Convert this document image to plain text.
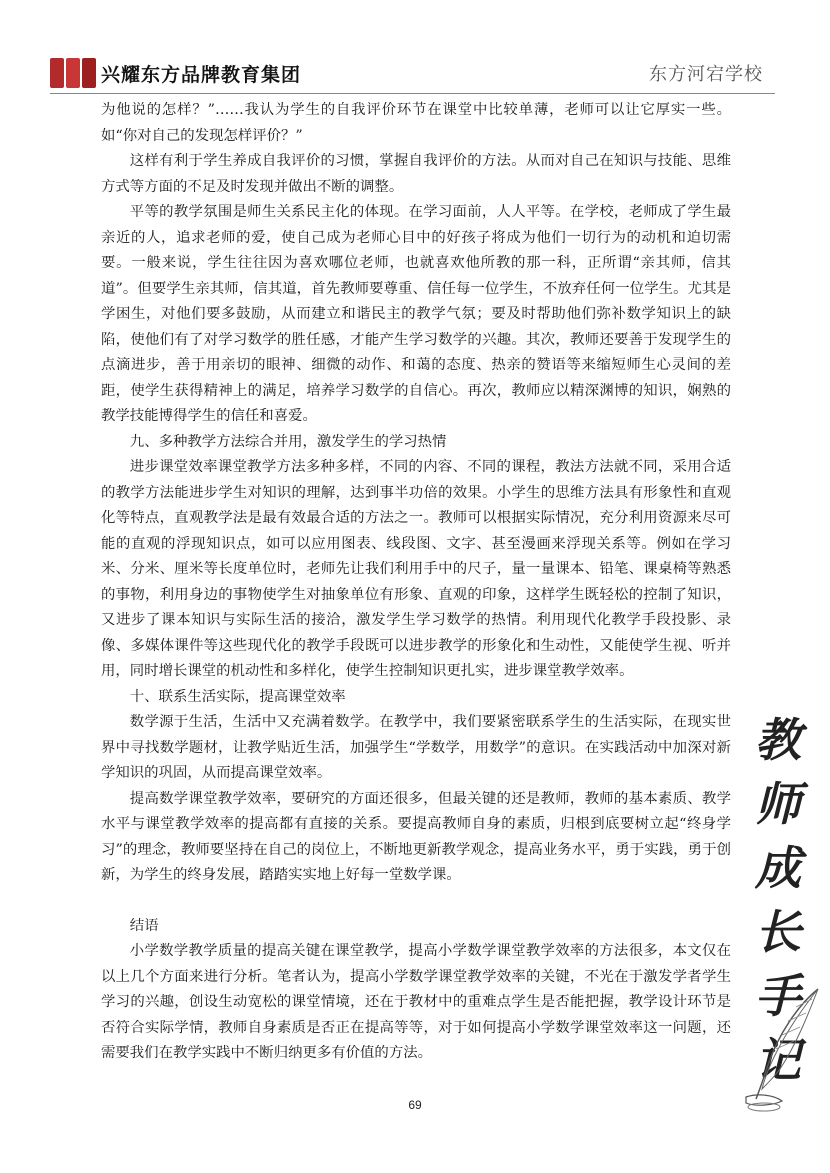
兴耀东方品牌教育集团	东方河宕学校

为他说的怎样？”……我认为学生的自我评价环节在课堂中比较单薄，老师可以让它厚实一些。如“你对自己的发现怎样评价？”

这样有利于学生养成自我评价的习惯，掌握自我评价的方法。从而对自己在知识与技能、思维方式等方面的不足及时发现并做出不断的调整。

平等的教学氛围是师生关系民主化的体现。在学习面前，人人平等。在学校，老师成了学生最亲近的人，追求老师的爱，使自己成为老师心目中的好孩子将成为他们一切行为的动机和迫切需要。一般来说，学生往往因为喜欢哪位老师，也就喜欢他所教的那一科，正所谓“亲其师，信其道”。但要学生亲其师，信其道，首先教师要尊重、信任每一位学生，不放弃任何一位学生。尤其是学困生，对他们要多鼓励，从而建立和谐民主的教学气氛；要及时帮助他们弥补数学知识上的缺陷，使他们有了对学习数学的胜任感，才能产生学习数学的兴趣。其次，教师还要善于发现学生的点滴进步，善于用亲切的眼神、细微的动作、和蔼的态度、热亲的赞语等来缩短师生心灵间的差距，使学生获得精神上的满足，培养学习数学的自信心。再次，教师应以精深渊博的知识，娴熟的教学技能博得学生的信任和喜爱。

九、多种教学方法综合并用，激发学生的学习热情

进步课堂效率课堂教学方法多种多样，不同的内容、不同的课程，教法方法就不同，采用合适的教学方法能进步学生对知识的理解，达到事半功倍的效果。小学生的思维方法具有形象性和直观化等特点，直观教学法是最有效最合适的方法之一。教师可以根据实际情况，充分利用资源来尽可能的直观的浮现知识点，如可以应用图表、线段图、文字、甚至漫画来浮现关系等。例如在学习米、分米、厘米等长度单位时，老师先让我们利用手中的尺子，量一量课本、铅笔、课桌椅等熟悉的事物，利用身边的事物使学生对抽象单位有形象、直观的印象，这样学生既轻松的控制了知识，又进步了课本知识与实际生活的接洽，激发学生学习数学的热情。利用现代化教学手段投影、录像、多媒体课件等这些现代化的教学手段既可以进步教学的形象化和生动性，又能使学生视、听并用，同时增长课堂的机动性和多样化，使学生控制知识更扎实，进步课堂教学效率。

十、联系生活实际，提高课堂效率

数学源于生活，生活中又充满着数学。在教学中，我们要紧密联系学生的生活实际，在现实世界中寻找数学题材，让教学贴近生活，加强学生“学数学，用数学”的意识。在实践活动中加深对新学知识的巩固，从而提高课堂效率。

提高数学课堂教学效率，要研究的方面还很多，但最关键的还是教师，教师的基本素质、教学水平与课堂教学效率的提高都有直接的关系。要提高教师自身的素质，归根到底要树立起“终身学习”的理念，教师要坚持在自己的岗位上，不断地更新教学观念，提高业务水平，勇于实践，勇于创新，为学生的终身发展，踏踏实实地上好每一堂数学课。

结语

小学数学教学质量的提高关键在课堂教学，提高小学数学课堂教学效率的方法很多，本文仅在以上几个方面来进行分析。笔者认为，提高小学数学课堂教学效率的关键，不光在于激发学者学生学习的兴趣，创设生动宽松的课堂情境，还在于教材中的重难点学生是否能把握，教学设计环节是否符合实际学情，教师自身素质是否正在提高等等，对于如何提高小学数学课堂效率这一问题，还需要我们在教学实践中不断归纳更多有价值的方法。

教
师
成
长
手
记
69
